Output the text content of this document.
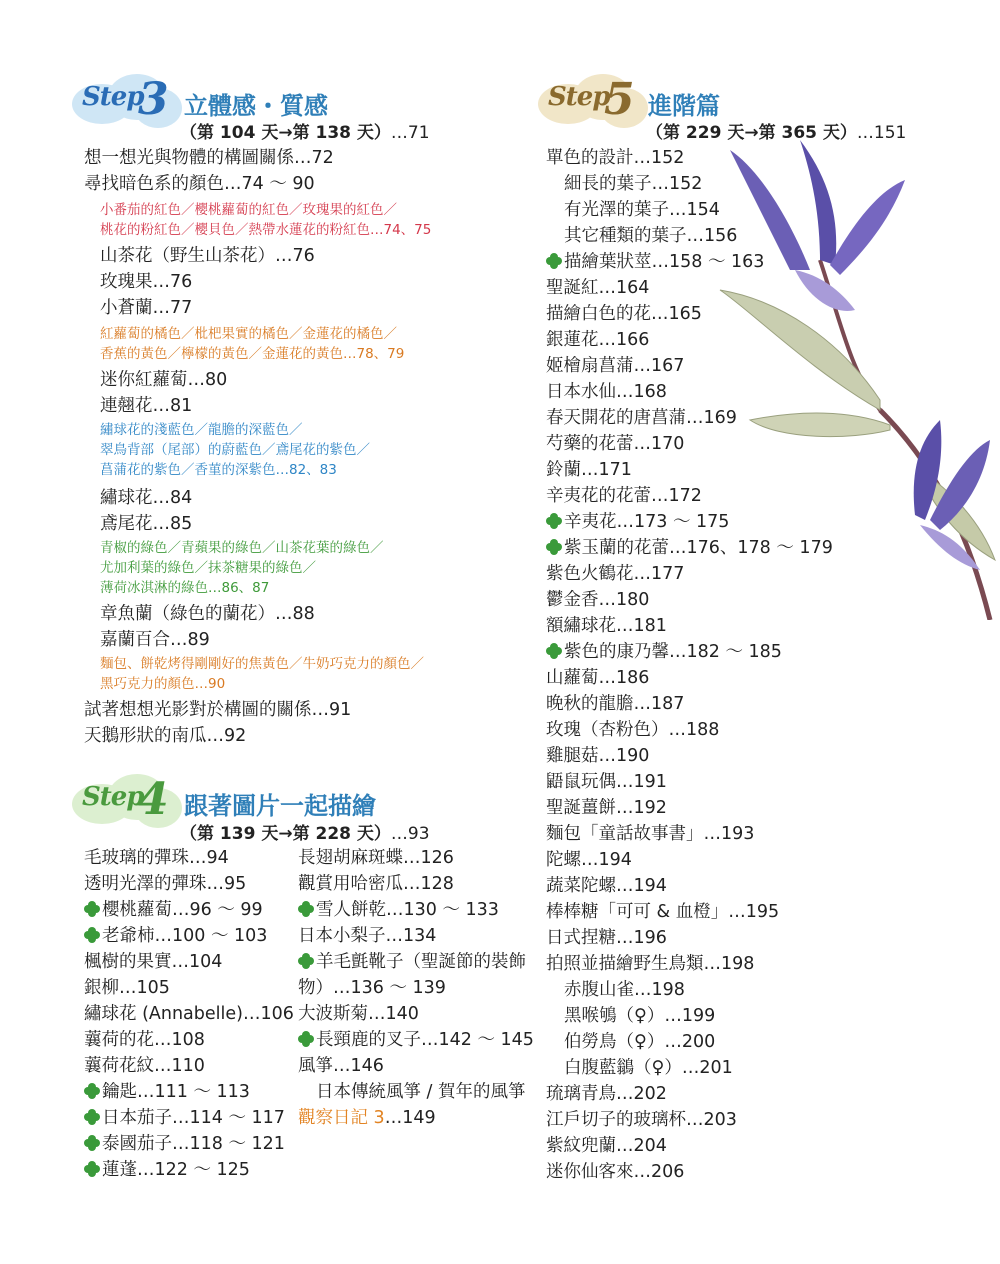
Step
3 立體感・質感
（第 104 天→第 138 天）…71
想一想光與物體的構圖關係…72
尋找暗色系的顏色…74 ～ 90
小番茄的紅色／櫻桃蘿蔔的紅色／玫瑰果的紅色／
桃花的粉紅色／櫻貝色／熱帶水蓮花的粉紅色…74、75
山茶花（野生山茶花）…76
玫瑰果…76
小蒼蘭…77
紅蘿蔔的橘色／枇杷果實的橘色／金蓮花的橘色／
香蕉的黃色／檸檬的黃色／金蓮花的黃色…78、79
迷你紅蘿蔔…80
連翹花…81
繡球花的淺藍色／龍膽的深藍色／
翠鳥背部（尾部）的蔚藍色／鳶尾花的紫色／
菖蒲花的紫色／香菫的深紫色…82、83
繡球花…84
鳶尾花…85
青椒的綠色／青蘋果的綠色／山茶花葉的綠色／
尤加利葉的綠色／抹茶糖果的綠色／
薄荷冰淇淋的綠色…86、87
章魚蘭（綠色的蘭花）…88
嘉蘭百合…89
麵包、餅乾烤得剛剛好的焦黃色／牛奶巧克力的顏色／
黑巧克力的顏色…90
試著想想光影對於構圖的關係…91
天鵝形狀的南瓜…92
Step
4 跟著圖片一起描繪
（第 139 天→第 228 天）…93
毛玻璃的彈珠…94
透明光澤的彈珠…95
櫻桃蘿蔔…96 ～ 99
老爺柿…100 ～ 103
楓樹的果實…104
銀柳…105
繡球花 (Annabelle)…106
蘘荷的花…108
蘘荷花紋…110
鑰匙…111 ～ 113
日本茄子…114 ～ 117
泰國茄子…118 ～ 121
蓮蓬…122 ～ 125
長翅胡麻斑蝶…126
觀賞用哈密瓜…128
雪人餅乾…130 ～ 133
日本小梨子…134
羊毛氈靴子（聖誕節的裝飾
物）…136 ～ 139
大波斯菊…140
長頸鹿的叉子…142 ～ 145
風箏…146
日本傳統風箏 / 賀年的風箏
觀察日記 3…149
Step
5 進階篇
（第 229 天→第 365 天）…151
單色的設計…152
細長的葉子…152
有光澤的葉子…154
其它種類的葉子…156
描繪葉狀莖…158 ～ 163
聖誕紅…164
描繪白色的花…165
銀蓮花…166
姬檜扇菖蒲…167
日本水仙…168
春天開花的唐菖蒲…169
芍藥的花蕾…170
鈴蘭…171
辛夷花的花蕾…172
辛夷花…173 ～ 175
紫玉蘭的花蕾…176、178 ～ 179
紫色火鶴花…177
鬱金香…180
額繡球花…181
紫色的康乃馨…182 ～ 185
山蘿蔔…186
晚秋的龍膽…187
玫瑰（杏粉色）…188
雞腿菇…190
鼯鼠玩偶…191
聖誕薑餅…192
麵包「童話故事書」…193
陀螺…194
蔬菜陀螺…194
棒棒糖「可可 & 血橙」…195
日式捏糖…196
拍照並描繪野生鳥類…198
赤腹山雀…198
黑喉鴝（♀）…199
伯勞鳥（♀）…200
白腹藍鶲（♀）…201
琉璃青鳥…202
江戶切子的玻璃杯…203
紫紋兜蘭…204
迷你仙客來…206
